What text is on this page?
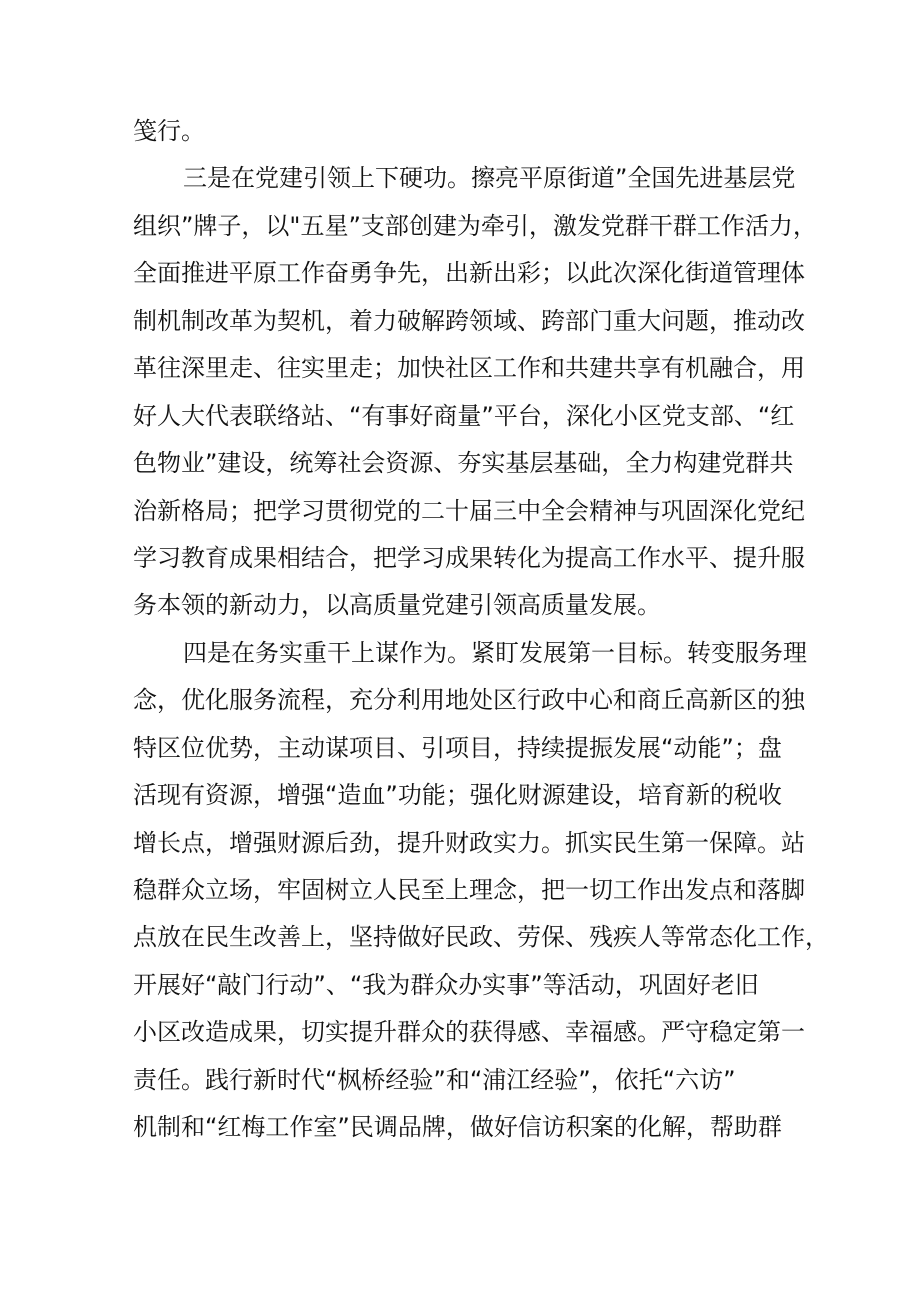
笺行。
三是在党建引领上下硬功。擦亮平原街道”全国先进基层党
组织”牌子，以"五星”支部创建为牵引，激发党群干群工作活力，
全面推进平原工作奋勇争先，出新出彩；以此次深化街道管理体
制机制改革为契机，着力破解跨领域、跨部门重大问题，推动改
革往深里走、往实里走；加快社区工作和共建共享有机融合，用
好人大代表联络站、“有事好商量”平台，深化小区党支部、“红
色物业”建设，统筹社会资源、夯实基层基础，全力构建党群共
治新格局；把学习贯彻党的二十届三中全会精神与巩固深化党纪
学习教育成果相结合，把学习成果转化为提高工作水平、提升服
务本领的新动力，以高质量党建引领高质量发展。
四是在务实重干上谋作为。紧盯发展第一目标。转变服务理
念，优化服务流程，充分利用地处区行政中心和商丘高新区的独
特区位优势，主动谋项目、引项目，持续提振发展“动能”；盘
活现有资源，增强“造血”功能；强化财源建设，培育新的税收
增长点，增强财源后劲，提升财政实力。抓实民生第一保障。站
稳群众立场，牢固树立人民至上理念，把一切工作出发点和落脚
点放在民生改善上，坚持做好民政、劳保、残疾人等常态化工作，
开展好“敲门行动”、“我为群众办实事”等活动，巩固好老旧
小区改造成果，切实提升群众的获得感、幸福感。严守稳定第一
责任。践行新时代“枫桥经验”和“浦江经验”，依托“六访”
机制和“红梅工作室”民调品牌，做好信访积案的化解，帮助群
